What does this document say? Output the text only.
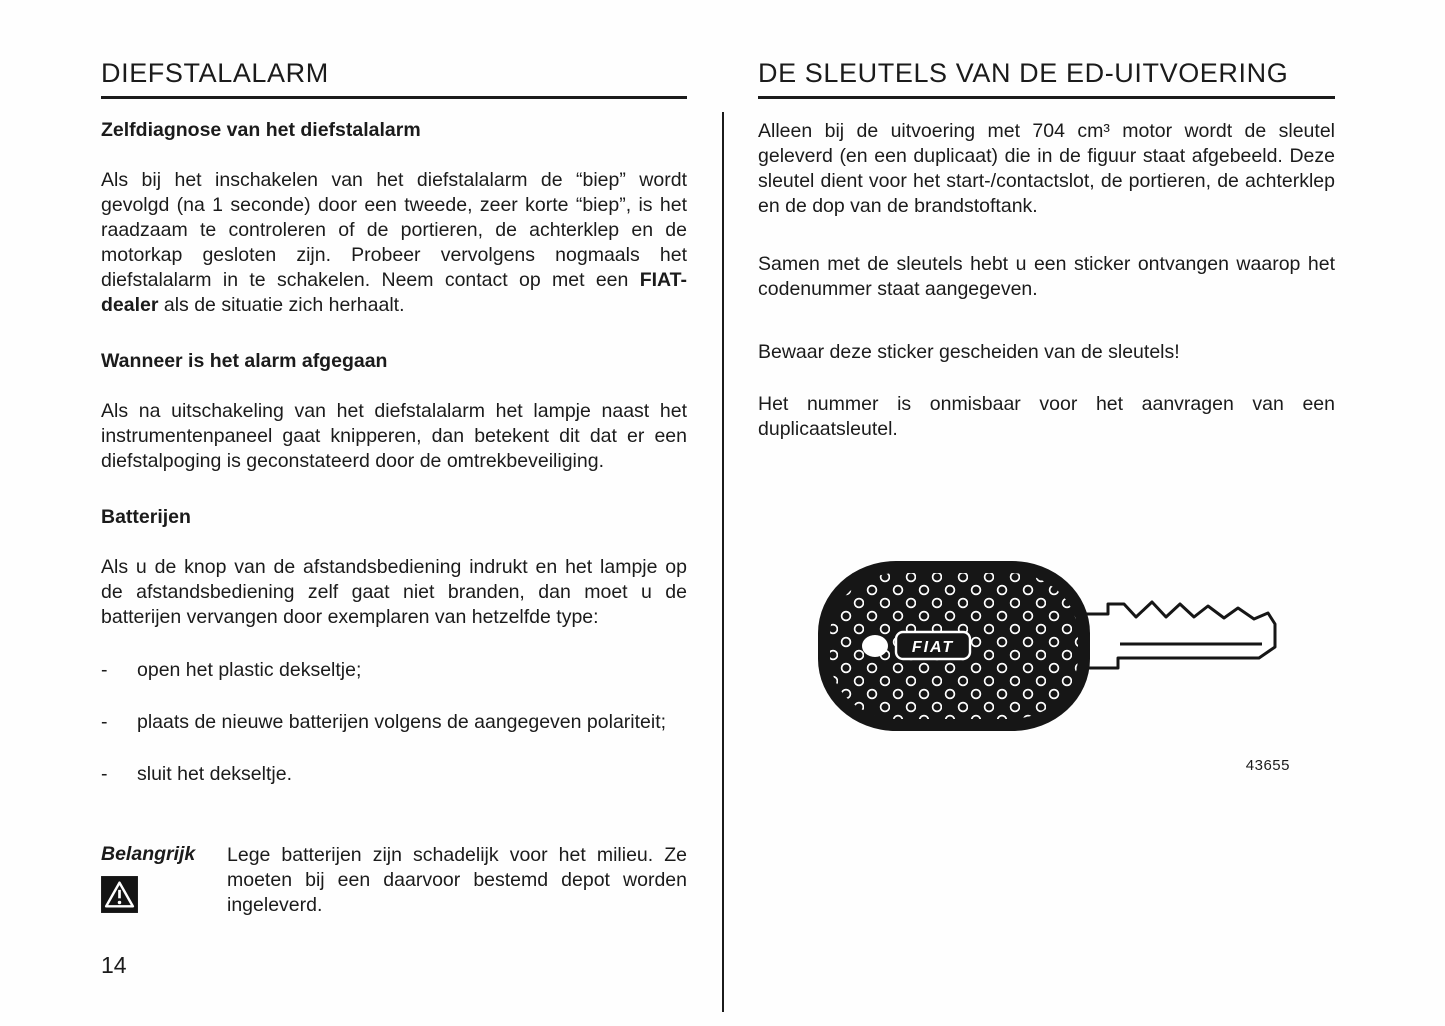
DIEFSTALALARM
Zelfdiagnose van het diefstalalarm

Als bij het inschakelen van het diefstalalarm de “biep” wordt gevolgd (na 1 seconde) door een tweede, zeer korte “biep”, is het raadzaam te controleren of de portieren, de achterklep en de motorkap gesloten zijn. Probeer vervolgens nogmaals het diefstalalarm in te schakelen. Neem contact op met een FIAT-dealer als de situatie zich herhaalt.

Wanneer is het alarm afgegaan

Als na uitschakeling van het diefstalalarm het lampje naast het instrumentenpaneel gaat knipperen, dan betekent dit dat er een diefstalpoging is geconstateerd door de omtrekbeveiliging.

Batterijen

Als u de knop van de afstandsbediening indrukt en het lampje op de afstandsbediening zelf gaat niet branden, dan moet u de batterijen vervangen door exemplaren van hetzelfde type:

-	open het plastic dekseltje;
-	plaats de nieuwe batterijen volgens de aangegeven polariteit;
-	sluit het dekseltje.
Belangrijk	Lege batterijen zijn schadelijk voor het milieu. Ze moeten bij een daarvoor bestemd depot worden ingeleverd.
DE SLEUTELS VAN DE ED-UITVOERING

Alleen bij de uitvoering met 704 cm³ motor wordt de sleutel geleverd (en een duplicaat) die in de figuur staat afgebeeld. Deze sleutel dient voor het start-/contactslot, de portieren, de achterklep en de dop van de brandstoftank.

Samen met de sleutels hebt u een sticker ontvangen waarop het codenummer staat aangegeven.

Bewaar deze sticker gescheiden van de sleutels!

Het nummer is onmisbaar voor het aanvragen van een duplicaatsleutel.

FIAT
43655
14
